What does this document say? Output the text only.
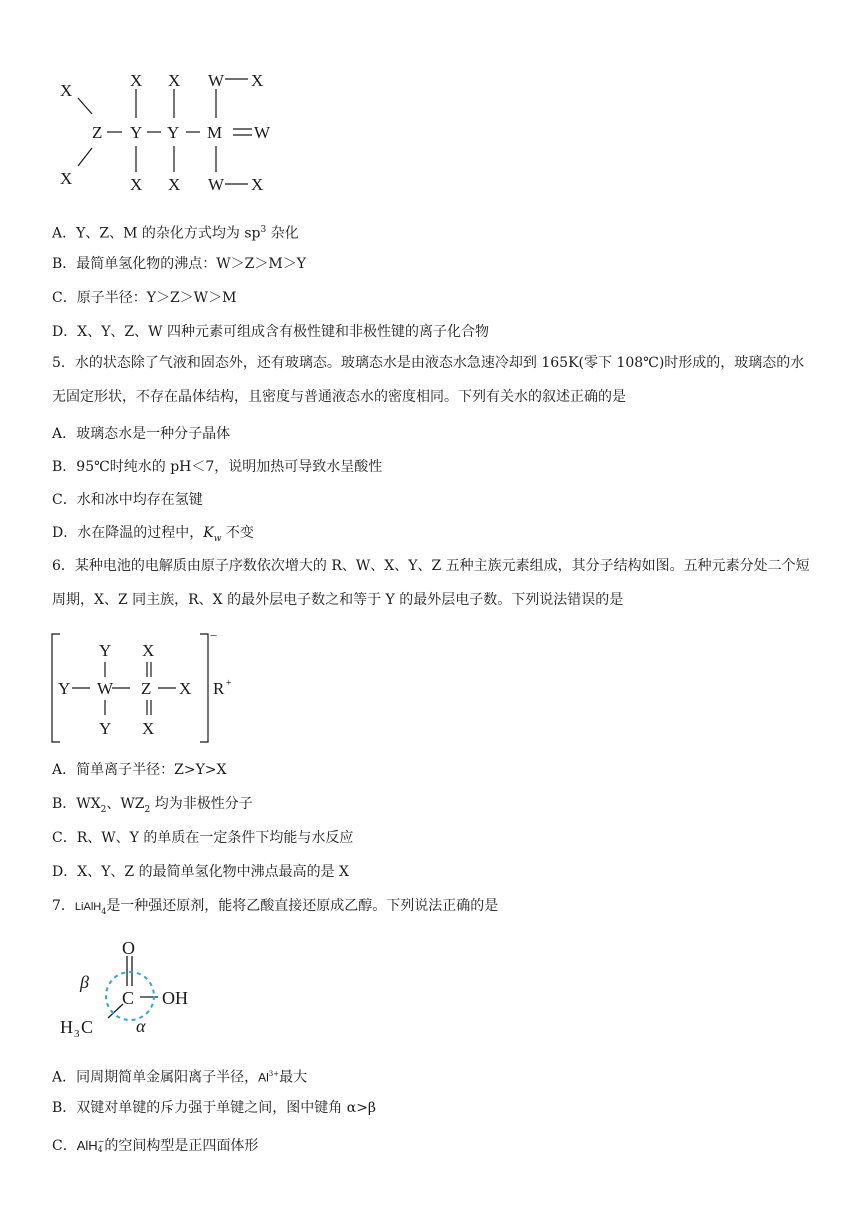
X
X
Z Y Y M W
X X W X
X X W X
A．Y、Z、M 的杂化方式均为 $sp^3$ 杂化
B．最简单氢化物的沸点：W＞Z＞M＞Y
C．原子半径：Y＞Z＞W＞M
D．X、Y、Z、W 四种元素可组成含有极性键和非极性键的离子化合物
5．水的状态除了气液和固态外，还有玻璃态。玻璃态水是由液态水急速冷却到 165K(零下 108℃)时形成的，玻璃态的水无固定形状，不存在晶体结构，且密度与普通液态水的密度相同。下列有关水的叙述正确的是
A．玻璃态水是一种分子晶体
B．95℃时纯水的 pH＜7，说明加热可导致水呈酸性
C．水和冰中均存在氢键
D．水在降温的过程中，$K_w$ 不变
6．某种电池的电解质由原子序数依次增大的 R、W、X、Y、Z 五种主族元素组成，其分子结构如图。五种元素分处二个短周期，X、Z 同主族，R、X 的最外层电子数之和等于 Y 的最外层电子数。下列说法错误的是
Y X
Y W Z X
Y X
−
R +
A．简单离子半径：Z>Y>X
B．$WX_2$、$WZ_2$ 均为非极性分子
C．R、W、Y 的单质在一定条件下均能与水反应
D．X、Y、Z 的最简单氢化物中沸点最高的是 X
7．LiAlH$_4$是一种强还原剂，能将乙酸直接还原成乙醇。下列说法正确的是
O
C OH
H 3 C
β
α
A．同周期简单金属阳离子半径，$Al^{3+}$最大
B．双键对单键的斥力强于单键之间，图中键角 α>β
C．AlH −
4 的空间构型是正四面体形
